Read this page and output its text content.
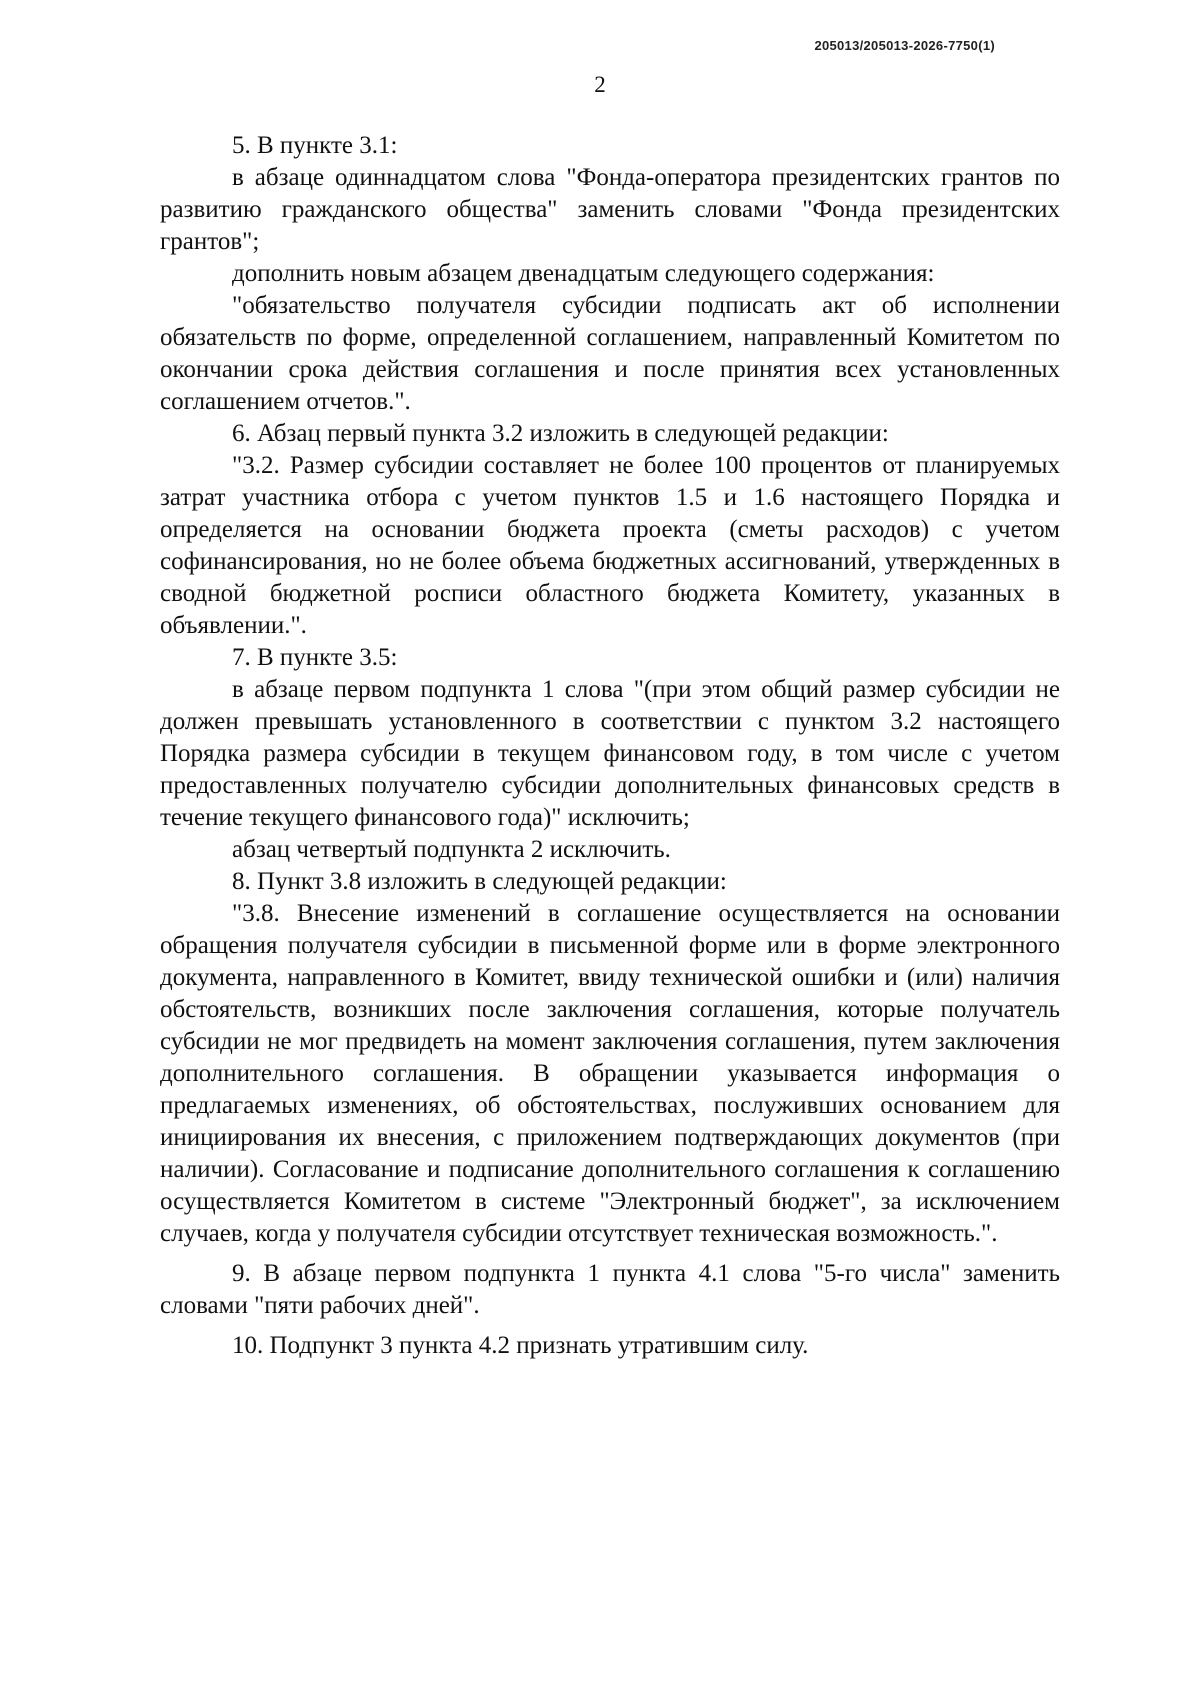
205013/205013-2026-7750(1)
2

5. В пункте 3.1:

в абзаце одиннадцатом слова "Фонда-оператора президентских грантов по развитию гражданского общества" заменить словами "Фонда президентских грантов";

дополнить новым абзацем двенадцатым следующего содержания:

"обязательство получателя субсидии подписать акт об исполнении обязательств по форме, определенной соглашением, направленный Комитетом по окончании срока действия соглашения и после принятия всех установленных соглашением отчетов.".

6. Абзац первый пункта 3.2 изложить в следующей редакции:

"3.2. Размер субсидии составляет не более 100 процентов от планируемых затрат участника отбора с учетом пунктов 1.5 и 1.6 настоящего Порядка и определяется на основании бюджета проекта (сметы расходов) с учетом софинансирования, но не более объема бюджетных ассигнований, утвержденных в сводной бюджетной росписи областного бюджета Комитету, указанных в объявлении.".

7. В пункте 3.5:

в абзаце первом подпункта 1 слова "(при этом общий размер субсидии не должен превышать установленного в соответствии с пунктом 3.2 настоящего Порядка размера субсидии в текущем финансовом году, в том числе с учетом предоставленных получателю субсидии дополнительных финансовых средств в течение текущего финансового года)" исключить;

абзац четвертый подпункта 2 исключить.

8. Пункт 3.8 изложить в следующей редакции:

"3.8. Внесение изменений в соглашение осуществляется на основании обращения получателя субсидии в письменной форме или в форме электронного документа, направленного в Комитет, ввиду технической ошибки и (или) наличия обстоятельств, возникших после заключения соглашения, которые получатель субсидии не мог предвидеть на момент заключения соглашения, путем заключения дополнительного соглашения. В обращении указывается информация о предлагаемых изменениях, об обстоятельствах, послуживших основанием для инициирования их внесения, с приложением подтверждающих документов (при наличии). Согласование и подписание дополнительного соглашения к соглашению осуществляется Комитетом в системе "Электронный бюджет", за исключением случаев, когда у получателя субсидии отсутствует техническая возможность.".

9. В абзаце первом подпункта 1 пункта 4.1 слова "5-го числа" заменить словами "пяти рабочих дней".

10. Подпункт 3 пункта 4.2 признать утратившим силу.
